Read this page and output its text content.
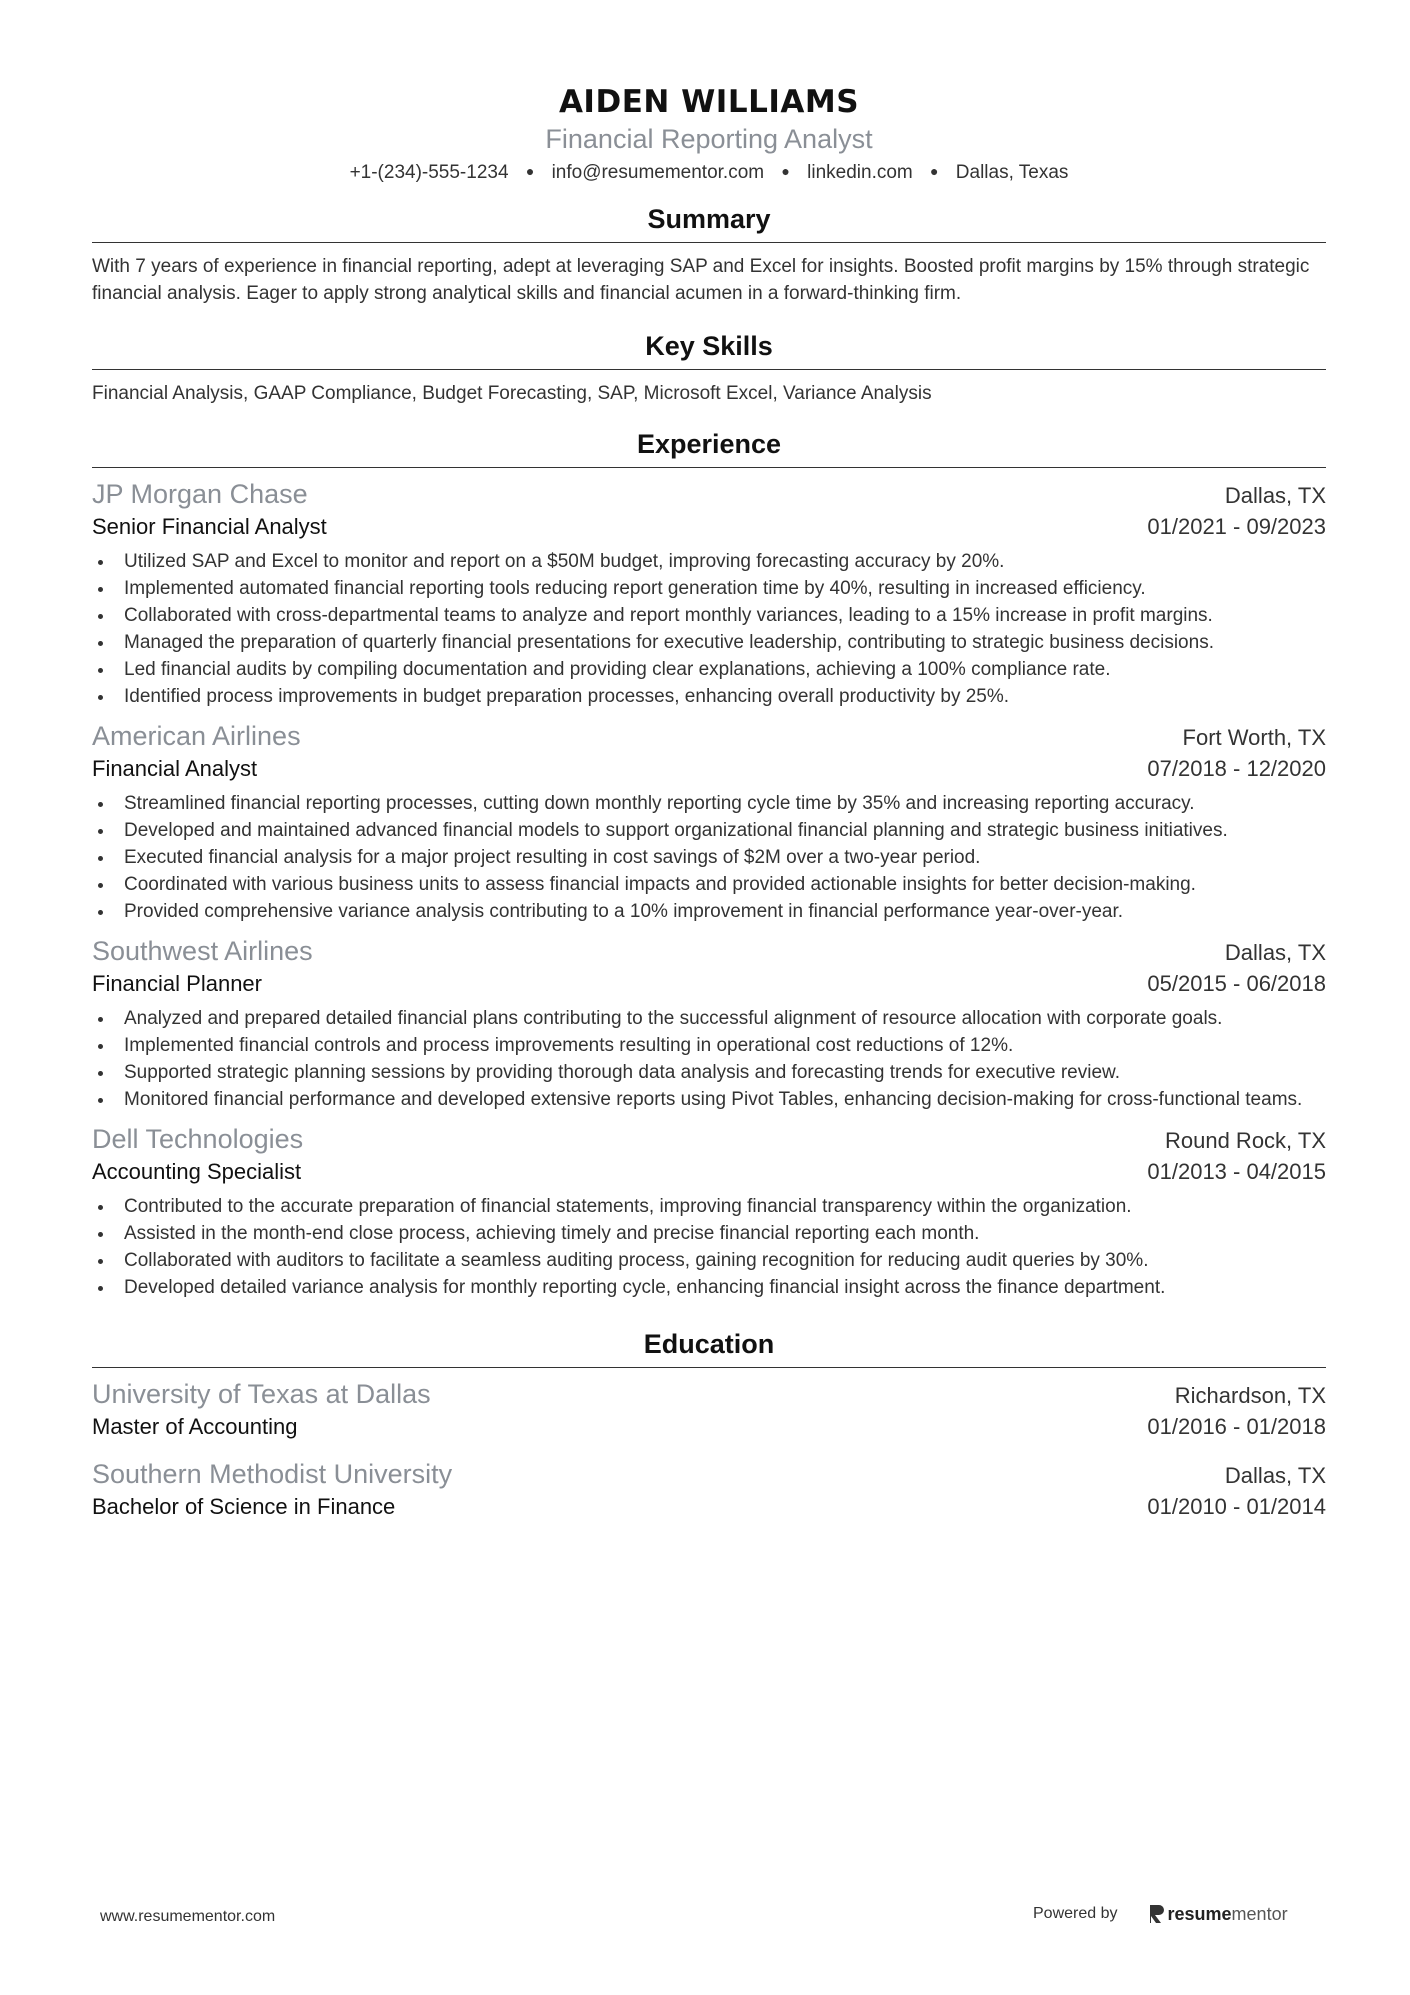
AIDEN WILLIAMS
Financial Reporting Analyst
+1-(234)-555-1234 ● info@resumementor.com ● linkedin.com ● Dallas, Texas
Summary
With 7 years of experience in financial reporting, adept at leveraging SAP and Excel for insights. Boosted profit margins by 15% through strategic financial analysis. Eager to apply strong analytical skills and financial acumen in a forward-thinking firm.
Key Skills
Financial Analysis, GAAP Compliance, Budget Forecasting, SAP, Microsoft Excel, Variance Analysis
Experience
JP Morgan Chase	Dallas, TX
Senior Financial Analyst	01/2021 - 09/2023
Utilized SAP and Excel to monitor and report on a $50M budget, improving forecasting accuracy by 20%.
Implemented automated financial reporting tools reducing report generation time by 40%, resulting in increased efficiency.
Collaborated with cross-departmental teams to analyze and report monthly variances, leading to a 15% increase in profit margins.
Managed the preparation of quarterly financial presentations for executive leadership, contributing to strategic business decisions.
Led financial audits by compiling documentation and providing clear explanations, achieving a 100% compliance rate.
Identified process improvements in budget preparation processes, enhancing overall productivity by 25%.
American Airlines	Fort Worth, TX
Financial Analyst	07/2018 - 12/2020
Streamlined financial reporting processes, cutting down monthly reporting cycle time by 35% and increasing reporting accuracy.
Developed and maintained advanced financial models to support organizational financial planning and strategic business initiatives.
Executed financial analysis for a major project resulting in cost savings of $2M over a two-year period.
Coordinated with various business units to assess financial impacts and provided actionable insights for better decision-making.
Provided comprehensive variance analysis contributing to a 10% improvement in financial performance year-over-year.
Southwest Airlines	Dallas, TX
Financial Planner	05/2015 - 06/2018
Analyzed and prepared detailed financial plans contributing to the successful alignment of resource allocation with corporate goals.
Implemented financial controls and process improvements resulting in operational cost reductions of 12%.
Supported strategic planning sessions by providing thorough data analysis and forecasting trends for executive review.
Monitored financial performance and developed extensive reports using Pivot Tables, enhancing decision-making for cross-functional teams.
Dell Technologies	Round Rock, TX
Accounting Specialist	01/2013 - 04/2015
Contributed to the accurate preparation of financial statements, improving financial transparency within the organization.
Assisted in the month-end close process, achieving timely and precise financial reporting each month.
Collaborated with auditors to facilitate a seamless auditing process, gaining recognition for reducing audit queries by 30%.
Developed detailed variance analysis for monthly reporting cycle, enhancing financial insight across the finance department.
Education
University of Texas at Dallas	Richardson, TX
Master of Accounting	01/2016 - 01/2018
Southern Methodist University	Dallas, TX
Bachelor of Science in Finance	01/2010 - 01/2014
www.resumementor.com	Powered by	resume mentor
